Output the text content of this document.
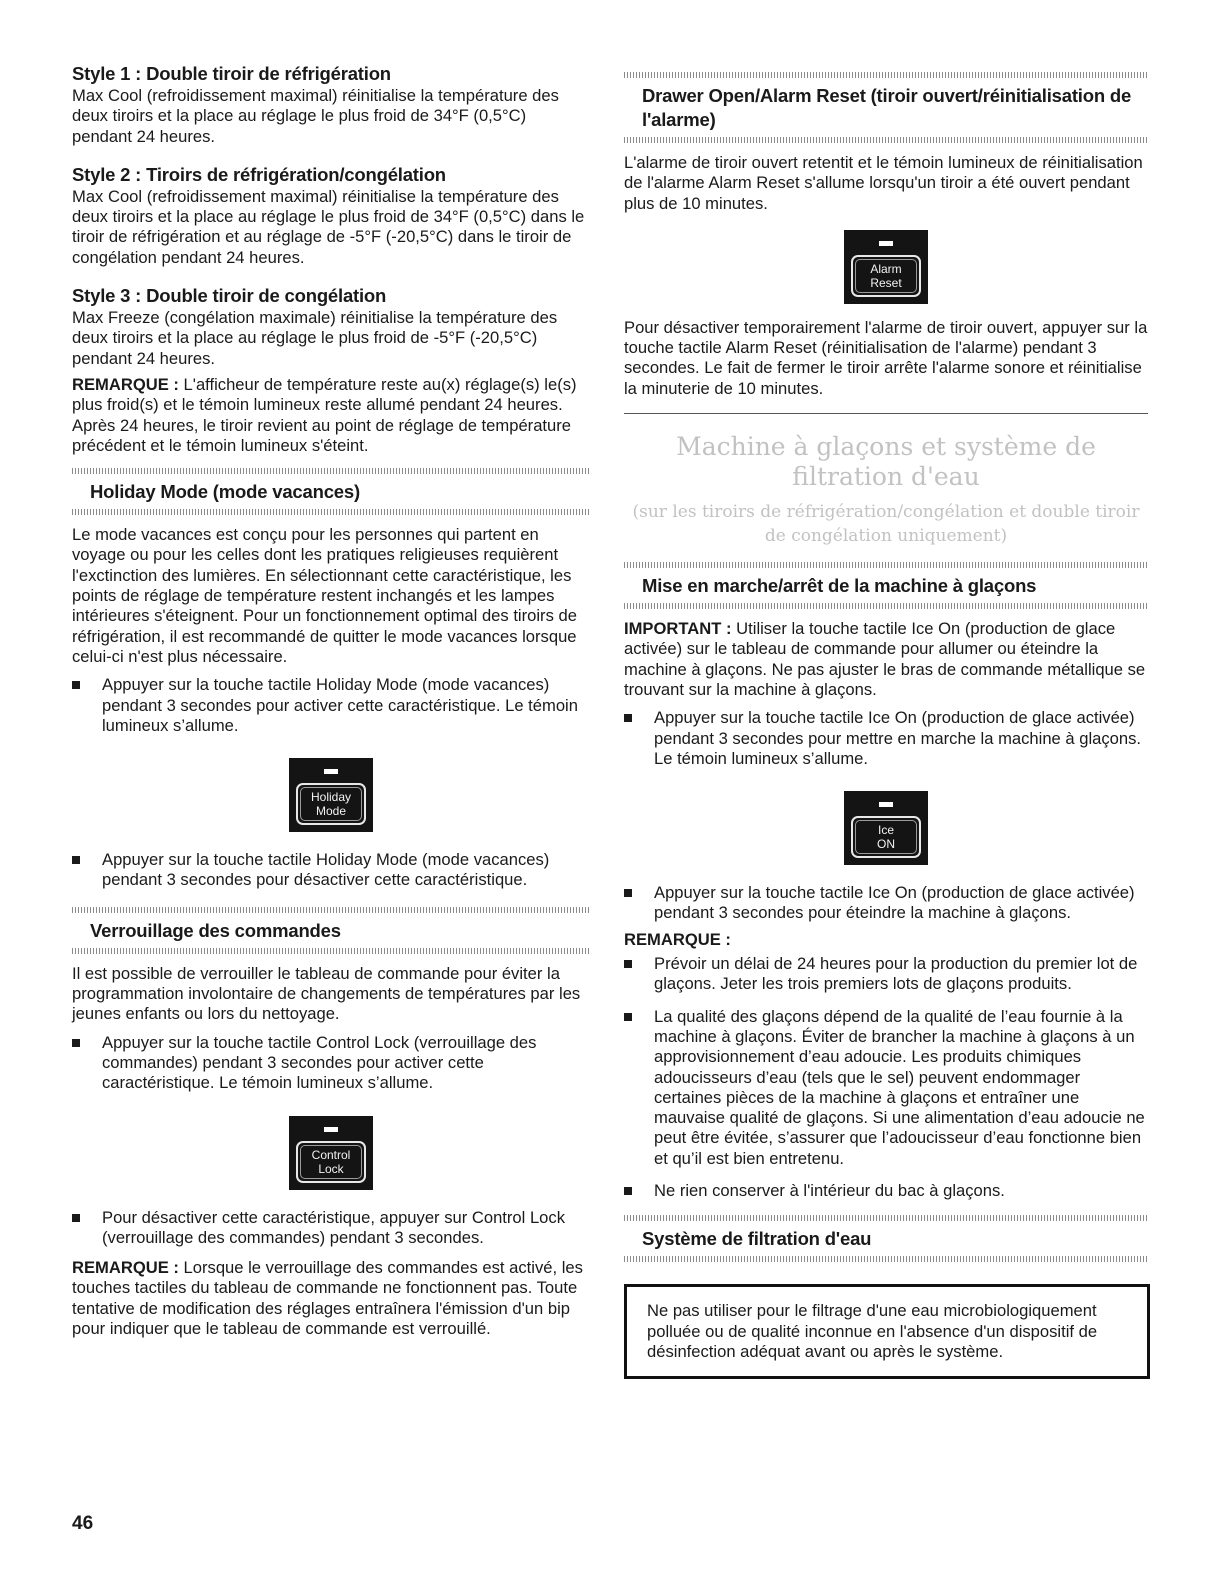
Style 1 : Double tiroir de réfrigération

Max Cool (refroidissement maximal) réinitialise la température des deux tiroirs et la place au réglage le plus froid de 34°F (0,5°C) pendant 24 heures.

Style 2 : Tiroirs de réfrigération/congélation

Max Cool (refroidissement maximal) réinitialise la température des deux tiroirs et la place au réglage le plus froid de 34°F (0,5°C) dans le tiroir de réfrigération et au réglage de -5°F (-20,5°C) dans le tiroir de congélation pendant 24 heures.

Style 3 : Double tiroir de congélation

Max Freeze (congélation maximale) réinitialise la température des deux tiroirs et la place au réglage le plus froid de -5°F (-20,5°C) pendant 24 heures.

REMARQUE : L'afficheur de température reste au(x) réglage(s) le(s) plus froid(s) et le témoin lumineux reste allumé pendant 24 heures. Après 24 heures, le tiroir revient au point de réglage de température précédent et le témoin lumineux s'éteint.

Holiday Mode (mode vacances)

Le mode vacances est conçu pour les personnes qui partent en voyage ou pour les celles dont les pratiques religieuses requièrent l'exctinction des lumières. En sélectionnant cette caractéristique, les points de réglage de température restent inchangés et les lampes intérieures s'éteignent. Pour un fonctionnement optimal des tiroirs de réfrigération, il est recommandé de quitter le mode vacances lorsque celui-ci n'est plus nécessaire.

Appuyer sur la touche tactile Holiday Mode (mode vacances) pendant 3 secondes pour activer cette caractéristique. Le témoin lumineux s’allume.
Holiday
Mode
Appuyer sur la touche tactile Holiday Mode (mode vacances) pendant 3 secondes pour désactiver cette caractéristique.
Verrouillage des commandes

Il est possible de verrouiller le tableau de commande pour éviter la programmation involontaire de changements de températures par les jeunes enfants ou lors du nettoyage.

Appuyer sur la touche tactile Control Lock (verrouillage des commandes) pendant 3 secondes pour activer cette caractéristique. Le témoin lumineux s’allume.
Control
Lock
Pour désactiver cette caractéristique, appuyer sur Control Lock (verrouillage des commandes) pendant 3 secondes.

REMARQUE : Lorsque le verrouillage des commandes est activé, les touches tactiles du tableau de commande ne fonctionnent pas. Toute tentative de modification des réglages entraînera l'émission d'un bip pour indiquer que le tableau de commande est verrouillé.

Drawer Open/Alarm Reset (tiroir ouvert/réinitialisation de l'alarme)

L'alarme de tiroir ouvert retentit et le témoin lumineux de réinitialisation de l'alarme Alarm Reset s'allume lorsqu'un tiroir a été ouvert pendant plus de 10 minutes.

Alarm
Reset

Pour désactiver temporairement l'alarme de tiroir ouvert, appuyer sur la touche tactile Alarm Reset (réinitialisation de l'alarme) pendant 3 secondes. Le fait de fermer le tiroir arrête l'alarme sonore et réinitialise la minuterie de 10 minutes.

Machine à glaçons et système de filtration d'eau
(sur les tiroirs de réfrigération/congélation et double tiroir de congélation uniquement)
Mise en marche/arrêt de la machine à glaçons

IMPORTANT : Utiliser la touche tactile Ice On (production de glace activée) sur le tableau de commande pour allumer ou éteindre la machine à glaçons. Ne pas ajuster le bras de commande métallique se trouvant sur la machine à glaçons.

Appuyer sur la touche tactile Ice On (production de glace activée) pendant 3 secondes pour mettre en marche la machine à glaçons. Le témoin lumineux s’allume.
Ice
ON
Appuyer sur la touche tactile Ice On (production de glace activée) pendant 3 secondes pour éteindre la machine à glaçons.

REMARQUE :

Prévoir un délai de 24 heures pour la production du premier lot de glaçons. Jeter les trois premiers lots de glaçons produits.
La qualité des glaçons dépend de la qualité de l’eau fournie à la machine à glaçons. Éviter de brancher la machine à glaçons à un approvisionnement d’eau adoucie. Les produits chimiques adoucisseurs d’eau (tels que le sel) peuvent endommager certaines pièces de la machine à glaçons et entraîner une mauvaise qualité de glaçons. Si une alimentation d’eau adoucie ne peut être évitée, s’assurer que l’adoucisseur d’eau fonctionne bien et qu’il est bien entretenu.
Ne rien conserver à l'intérieur du bac à glaçons.
Système de filtration d'eau

Ne pas utiliser pour le filtrage d'une eau microbiologiquement polluée ou de qualité inconnue en l'absence d'un dispositif de désinfection adéquat avant ou après le système.

46
